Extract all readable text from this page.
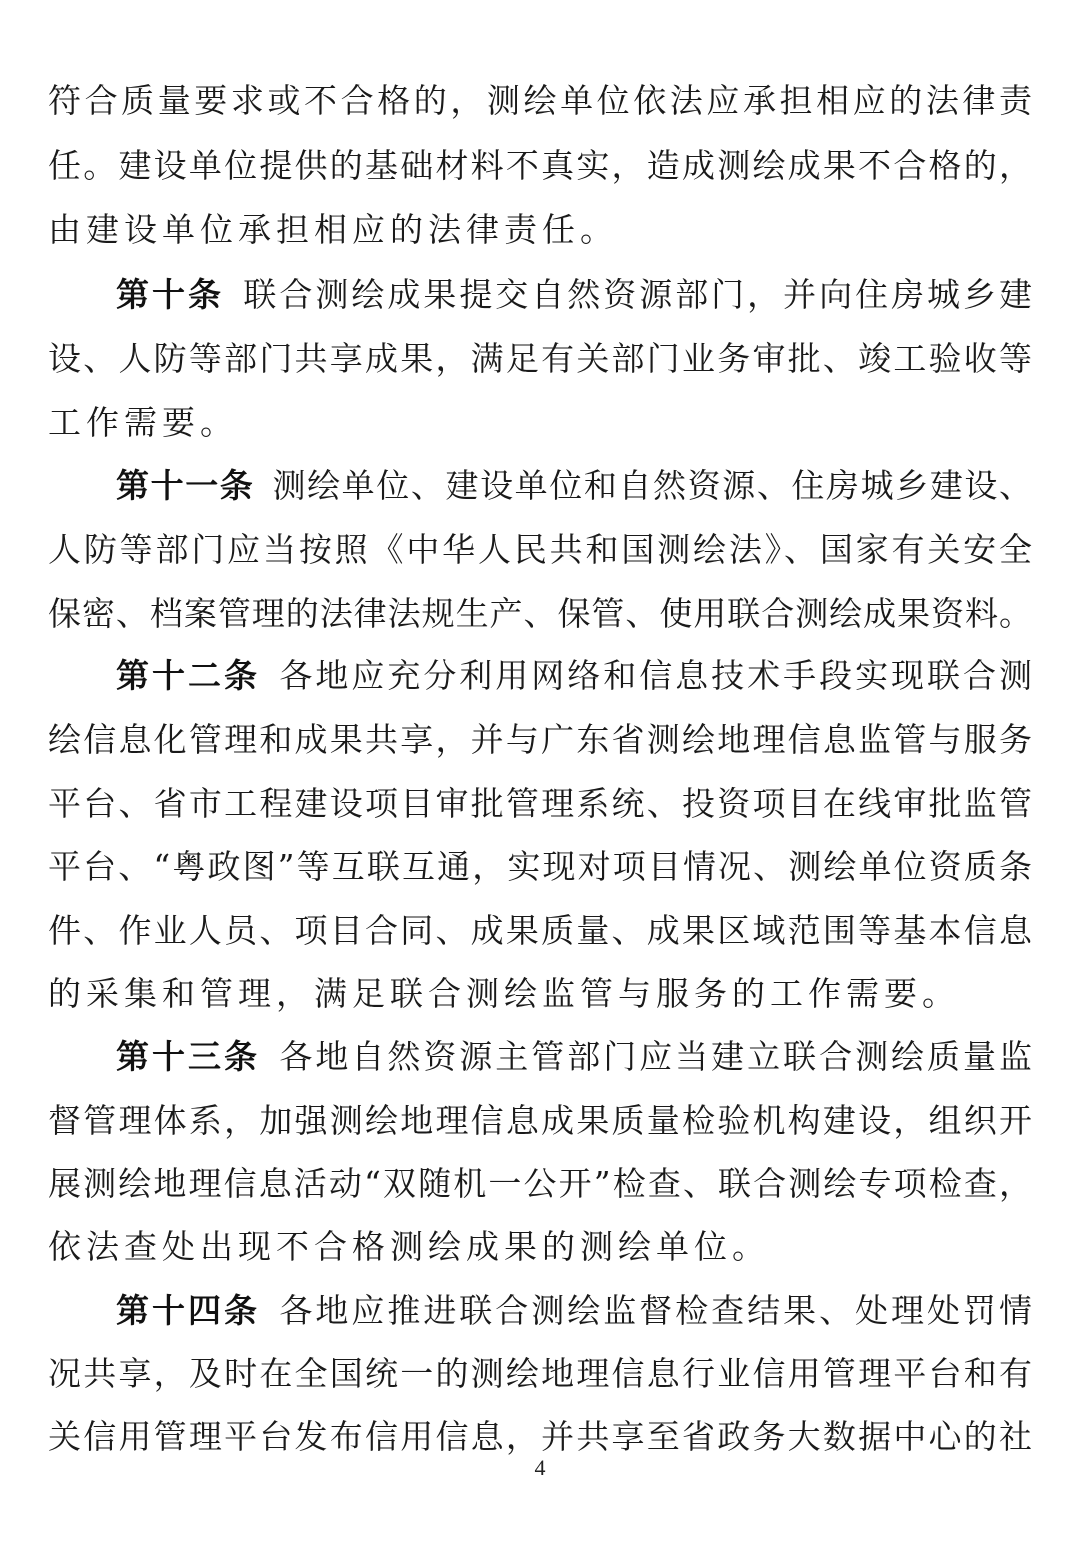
符合质量要求或不合格的，测绘单位依法应承担相应的法律责
任。建设单位提供的基础材料不真实，造成测绘成果不合格的，
由建设单位承担相应的法律责任。
第十条  联合测绘成果提交自然资源部门，并向住房城乡建
设、人防等部门共享成果，满足有关部门业务审批、竣工验收等
工作需要。
第十一条  测绘单位、建设单位和自然资源、住房城乡建设、
人防等部门应当按照《中华人民共和国测绘法》、国家有关安全
保密、档案管理的法律法规生产、保管、使用联合测绘成果资料。
第十二条  各地应充分利用网络和信息技术手段实现联合测
绘信息化管理和成果共享，并与广东省测绘地理信息监管与服务
平台、省市工程建设项目审批管理系统、投资项目在线审批监管
平台、“粤政图”等互联互通，实现对项目情况、测绘单位资质条
件、作业人员、项目合同、成果质量、成果区域范围等基本信息
的采集和管理，满足联合测绘监管与服务的工作需要。
第十三条  各地自然资源主管部门应当建立联合测绘质量监
督管理体系，加强测绘地理信息成果质量检验机构建设，组织开
展测绘地理信息活动“双随机一公开”检查、联合测绘专项检查，
依法查处出现不合格测绘成果的测绘单位。
第十四条  各地应推进联合测绘监督检查结果、处理处罚情
况共享，及时在全国统一的测绘地理信息行业信用管理平台和有
关信用管理平台发布信用信息，并共享至省政务大数据中心的社
4
